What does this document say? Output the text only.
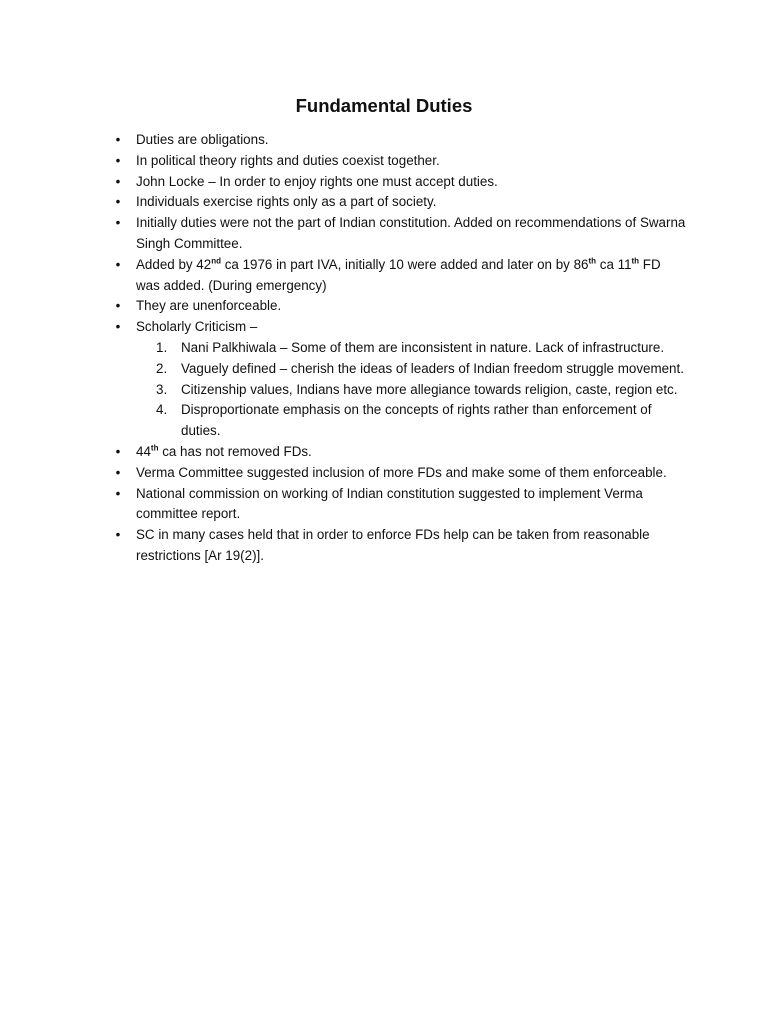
Fundamental Duties
• Duties are obligations.
• In political theory rights and duties coexist together.
• John Locke – In order to enjoy rights one must accept duties.
• Individuals exercise rights only as a part of society.
• Initially duties were not the part of Indian constitution. Added on recommendations of Swarna Singh Committee.
• Added by 42nd ca 1976 in part IVA, initially 10 were added and later on by 86th ca 11th FD was added. (During emergency)
• They are unenforceable.
• Scholarly Criticism –
1.	Nani Palkhiwala – Some of them are inconsistent in nature. Lack of infrastructure.
2.	Vaguely defined – cherish the ideas of leaders of Indian freedom struggle movement.
3.	Citizenship values, Indians have more allegiance towards religion, caste, region etc.
4.	Disproportionate emphasis on the concepts of rights rather than enforcement of duties.
• 44th ca has not removed FDs.
• Verma Committee suggested inclusion of more FDs and make some of them enforceable.
• National commission on working of Indian constitution suggested to implement Verma committee report.
• SC in many cases held that in order to enforce FDs help can be taken from reasonable restrictions [Ar 19(2)].
